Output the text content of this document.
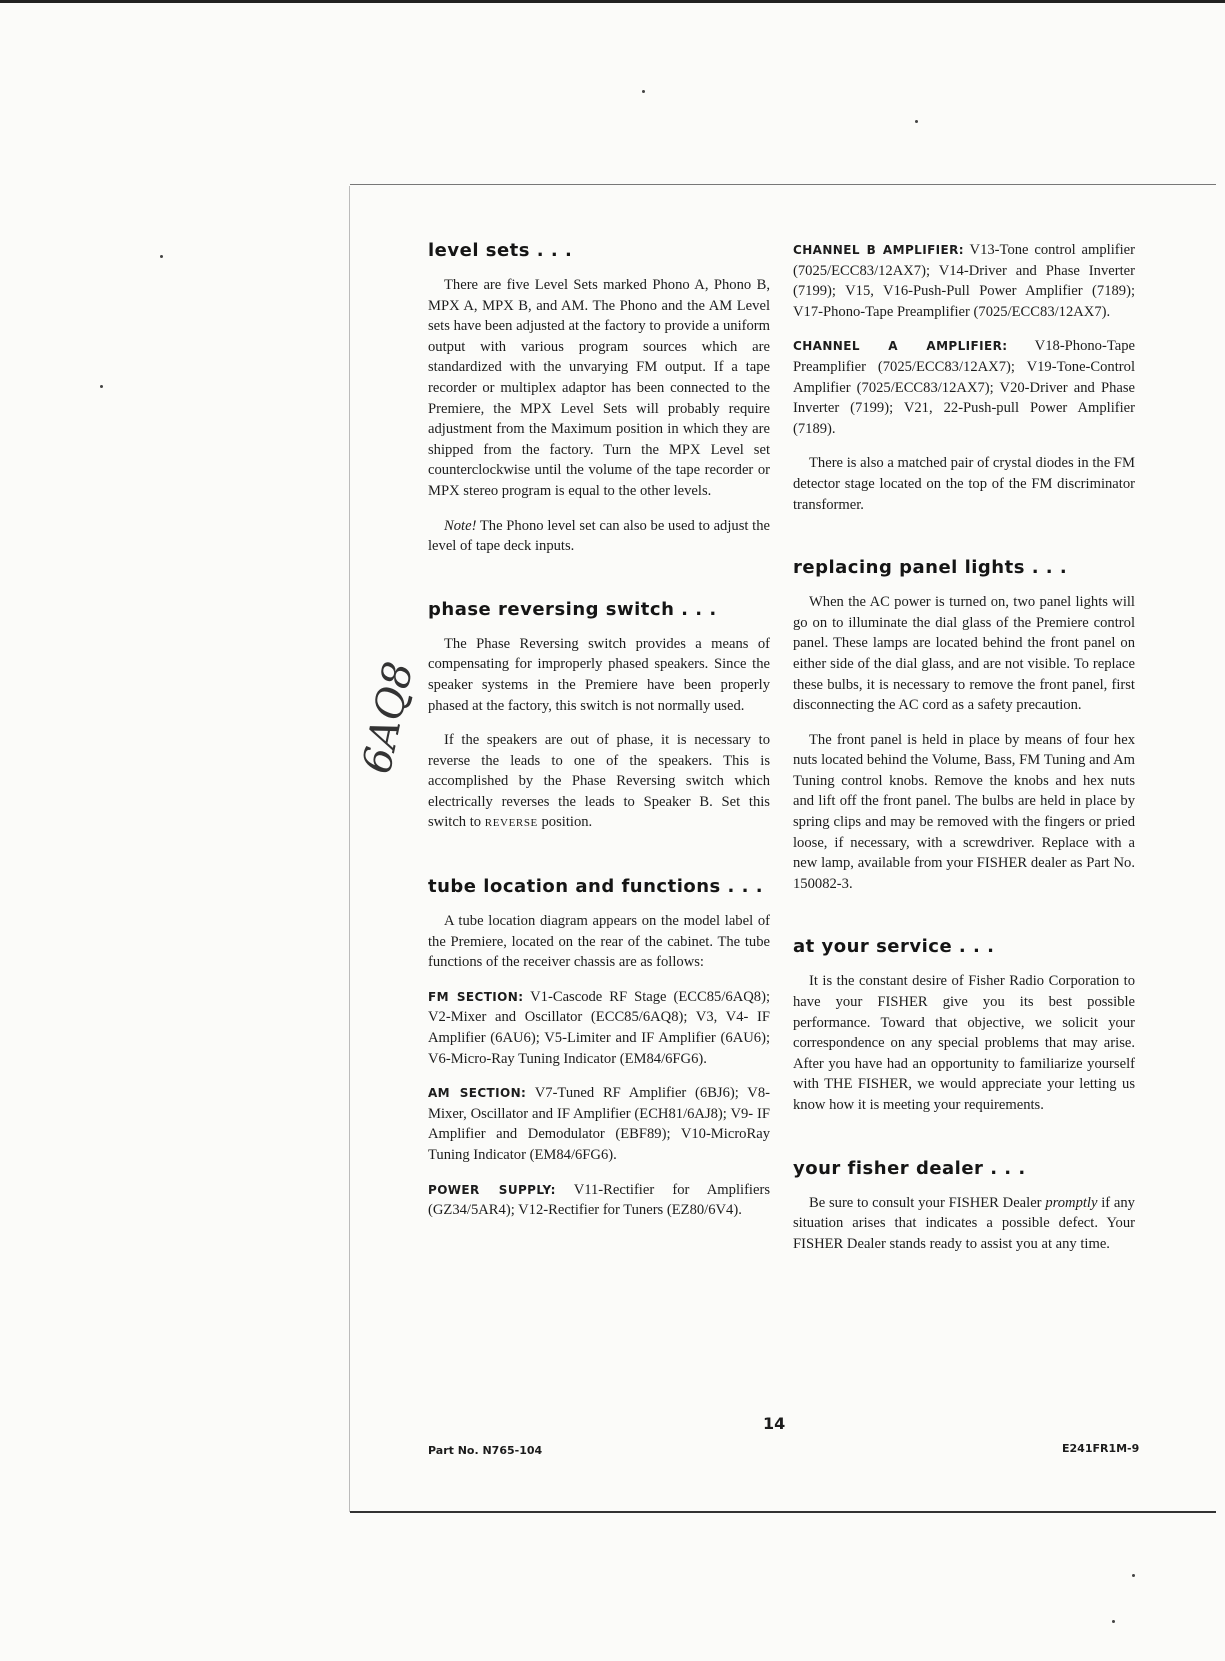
6AQ8
level sets . . .

There are five Level Sets marked Phono A, Phono B, MPX A, MPX B, and AM. The Phono and the AM Level sets have been adjusted at the factory to provide a uniform output with various program sources which are standardized with the unvarying FM output. If a tape recorder or multiplex adaptor has been connected to the Premiere, the MPX Level Sets will probably require adjustment from the Maximum position in which they are shipped from the factory. Turn the MPX Level set counterclockwise until the volume of the tape recorder or MPX stereo program is equal to the other levels.

Note! The Phono level set can also be used to adjust the level of tape deck inputs.

phase reversing switch . . .

The Phase Reversing switch provides a means of compensating for improperly phased speakers. Since the speaker systems in the Premiere have been properly phased at the factory, this switch is not normally used.

If the speakers are out of phase, it is necessary to reverse the leads to one of the speakers. This is accomplished by the Phase Reversing switch which electrically reverses the leads to Speaker B. Set this switch to REVERSE position.

tube location and functions . . .

A tube location diagram appears on the model label of the Premiere, located on the rear of the cabinet. The tube functions of the receiver chassis are as follows:

FM SECTION: V1-Cascode RF Stage (ECC85/6AQ8); V2-Mixer and Oscillator (ECC85/6AQ8); V3, V4- IF Amplifier (6AU6); V5-Limiter and IF Amplifier (6AU6); V6-Micro-Ray Tuning Indicator (EM84/6FG6).

AM SECTION: V7-Tuned RF Amplifier (6BJ6); V8-Mixer, Oscillator and IF Amplifier (ECH81/6AJ8); V9- IF Amplifier and Demodulator (EBF89); V10-MicroRay Tuning Indicator (EM84/6FG6).

POWER SUPPLY: V11-Rectifier for Amplifiers (GZ34/5AR4); V12-Rectifier for Tuners (EZ80/6V4).

CHANNEL B AMPLIFIER: V13-Tone control amplifier (7025/ECC83/12AX7); V14-Driver and Phase Inverter (7199); V15, V16-Push-Pull Power Amplifier (7189); V17-Phono-Tape Preamplifier (7025/ECC83/12AX7).

CHANNEL A AMPLIFIER: V18-Phono-Tape Preamplifier (7025/ECC83/12AX7); V19-Tone-Control Amplifier (7025/ECC83/12AX7); V20-Driver and Phase Inverter (7199); V21, 22-Push-pull Power Amplifier (7189).

There is also a matched pair of crystal diodes in the FM detector stage located on the top of the FM discriminator transformer.

replacing panel lights . . .

When the AC power is turned on, two panel lights will go on to illuminate the dial glass of the Premiere control panel. These lamps are located behind the front panel on either side of the dial glass, and are not visible. To replace these bulbs, it is necessary to remove the front panel, first disconnecting the AC cord as a safety precaution.

The front panel is held in place by means of four hex nuts located behind the Volume, Bass, FM Tuning and Am Tuning control knobs. Remove the knobs and hex nuts and lift off the front panel. The bulbs are held in place by spring clips and may be removed with the fingers or pried loose, if necessary, with a screwdriver. Replace with a new lamp, available from your FISHER dealer as Part No. 150082-3.

at your service . . .

It is the constant desire of Fisher Radio Corporation to have your FISHER give you its best possible performance. Toward that objective, we solicit your correspondence on any special problems that may arise. After you have had an opportunity to familiarize yourself with THE FISHER, we would appreciate your letting us know how it is meeting your requirements.

your fisher dealer . . .

Be sure to consult your FISHER Dealer promptly if any situation arises that indicates a possible defect. Your FISHER Dealer stands ready to assist you at any time.

14
Part No. N765-104	E241FR1M-9
